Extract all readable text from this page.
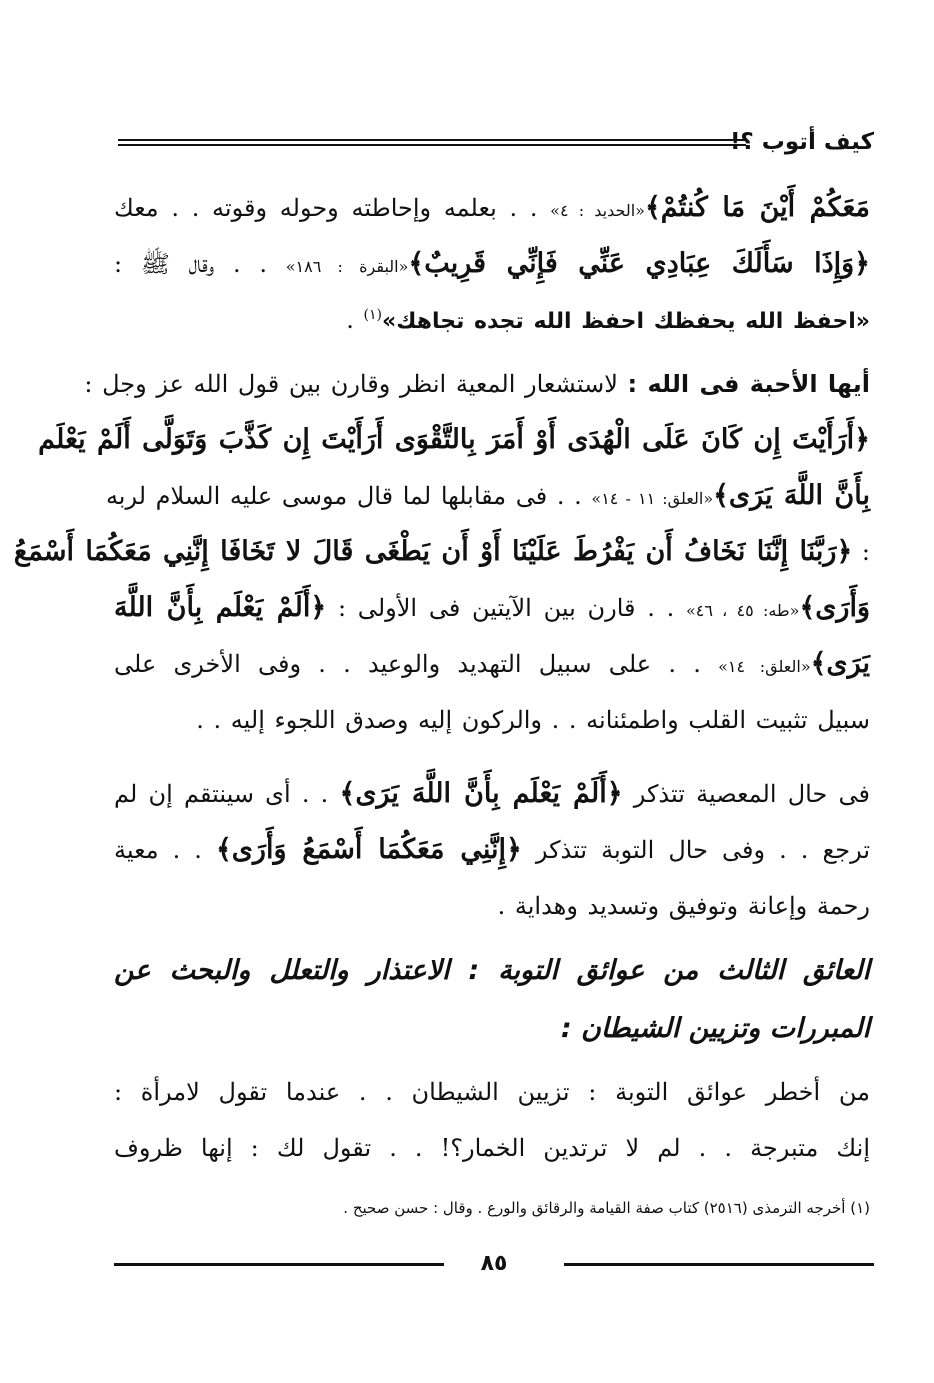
كيف أتوب ؟!
مَعَكُمْ أَيْنَ مَا كُنتُمْ﴾«الحديد : ٤» . . بعلمه وإحاطته وحوله وقوته . . معك
﴿وَإِذَا سَأَلَكَ عِبَادِي عَنِّي فَإِنِّي قَرِيبٌ﴾«البقرة : ١٨٦» . . وقال ﷺ :
«احفظ الله يحفظك احفظ الله تجده تجاهك»$^{(١)}$ .
أيها الأحبة فى الله : لاستشعار المعية انظر وقارن بين قول الله عز وجل :
﴿أَرَأَيْتَ إِن كَانَ عَلَى الْهُدَى أَوْ أَمَرَ بِالتَّقْوَى أَرَأَيْتَ إِن كَذَّبَ وَتَوَلَّى أَلَمْ يَعْلَم
بِأَنَّ اللَّهَ يَرَى﴾«العلق: ١١ - ١٤» . . فى مقابلها لما قال موسى عليه السلام لربه
: ﴿رَبَّنَا إِنَّنَا نَخَافُ أَن يَفْرُطَ عَلَيْنَا أَوْ أَن يَطْغَى قَالَ لا تَخَافَا إِنَّنِي مَعَكُمَا أَسْمَعُ
وَأَرَى﴾«طه: ٤٥ ، ٤٦» . . قارن بين الآيتين فى الأولى : ﴿أَلَمْ يَعْلَم بِأَنَّ اللَّهَ
يَرَى﴾«العلق: ١٤» . . على سبيل التهديد والوعيد . . وفى الأخرى على
سبيل تثبيت القلب واطمئنانه . . والركون إليه وصدق اللجوء إليه . .
فى حال المعصية تتذكر ﴿أَلَمْ يَعْلَم بِأَنَّ اللَّهَ يَرَى﴾ . . أى سينتقم إن لم
ترجع . . وفى حال التوبة تتذكر ﴿إِنَّنِي مَعَكُمَا أَسْمَعُ وَأَرَى﴾ . . معية
رحمة وإعانة وتوفيق وتسديد وهداية .
العائق الثالث من عوائق التوبة : الاعتذار والتعلل والبحث عن
المبررات وتزيين الشيطان :
من أخطر عوائق التوبة : تزيين الشيطان . . عندما تقول لامرأة :
إنك متبرجة . . لم لا ترتدين الخمار؟! . . تقول لك : إنها ظروف
(١) أخرجه الترمذى (٢٥١٦) كتاب صفة القيامة والرقائق والورع . وقال : حسن صحيح .
٨٥
